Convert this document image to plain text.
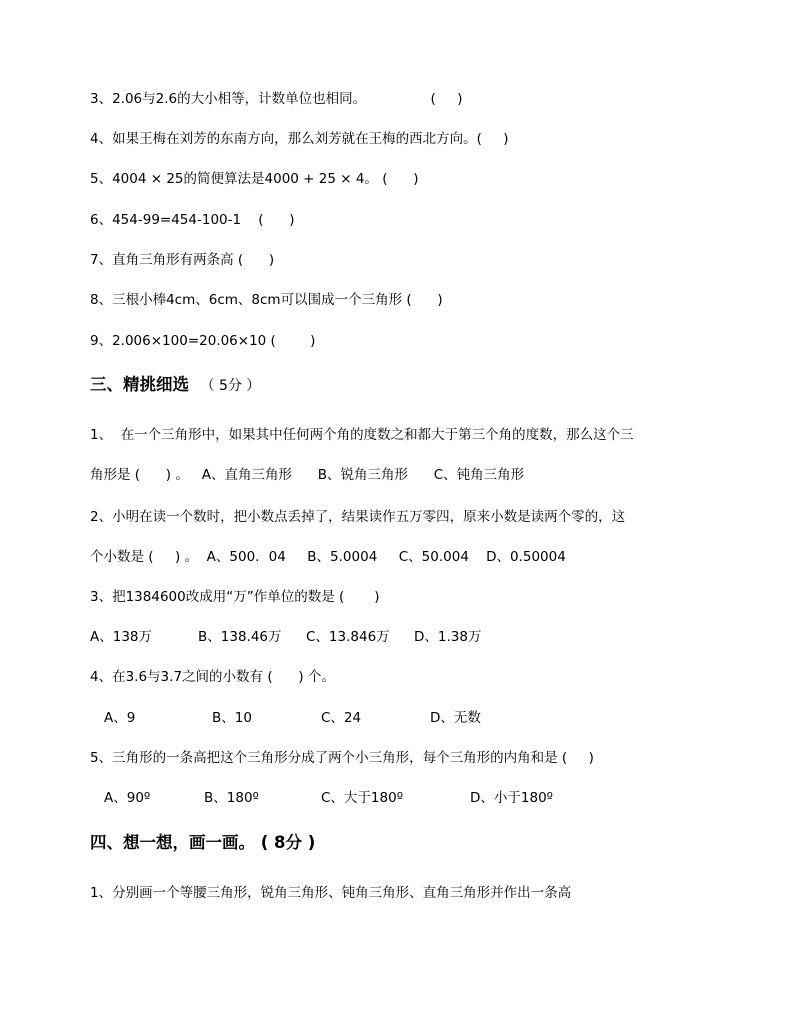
3、2.06与2.6的大小相等，计数单位也相同。               (     )
4、如果王梅在刘芳的东南方向，那么刘芳就在王梅的西北方向。(     )
5、4004 × 25的简便算法是4000 + 25 × 4。 (      )
6、454-99=454-100-1    (      )
7、直角三角形有两条高 (      )
8、三根小棒4cm、6cm、8cm可以围成一个三角形 (      )
9、2.006×100=20.06×10 (        )
三、精挑细选 （ 5分 ）
1、  在一个三角形中，如果其中任何两个角的度数之和都大于第三个角的度数，那么这个三
角形是 (      ) 。   A、直角三角形      B、锐角三角形      C、钝角三角形
2、小明在读一个数时，把小数点丢掉了，结果读作五万零四，原来小数是读两个零的，这
个小数是 (     ) 。  A、500．04     B、5.0004     C、50.004    D、0.50004
3、把1384600改成用“万”作单位的数是 (       )
A、138万	B、138.46万 C、13.846万 D、1.38万
4、在3.6与3.7之间的小数有 (      ) 个。
A、9	B、10	C、24	D、无数
5、三角形的一条高把这个三角形分成了两个小三角形，每个三角形的内角和是 (     )
A、90º	B、180º	C、大于180º	D、小于180º
四、想一想，画一画。 ( 8分 )
1、分别画一个等腰三角形，锐角三角形、钝角三角形、直角三角形并作出一条高
